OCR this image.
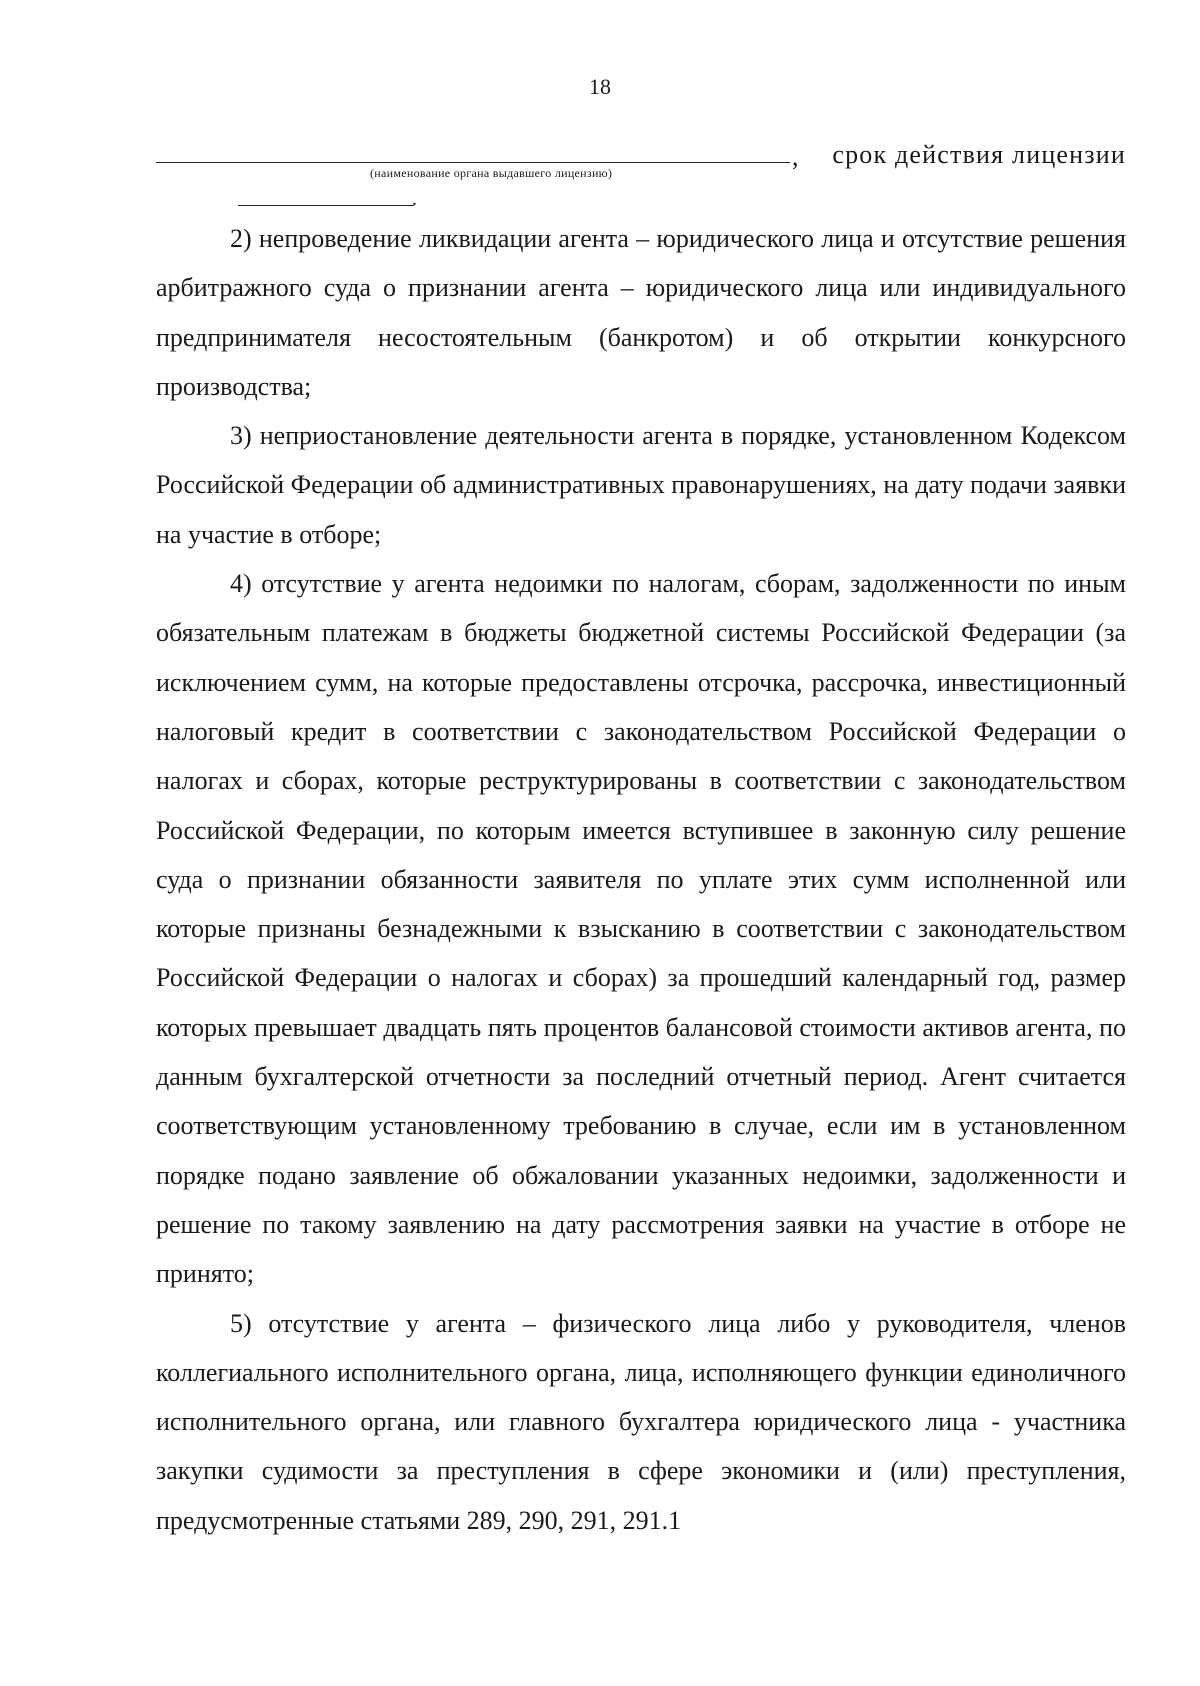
18
, срок действия лицензии
(наименование органа выдавшего лицензию)
.

2) непроведение ликвидации агента – юридического лица и отсутствие решения арбитражного суда о признании агента – юридического лица или индивидуального предпринимателя несостоятельным (банкротом) и об открытии конкурсного производства;

3) неприостановление деятельности агента в порядке, установленном Кодексом Российской Федерации об административных правонарушениях, на дату подачи заявки на участие в отборе;

4) отсутствие у агента недоимки по налогам, сборам, задолженности по иным обязательным платежам в бюджеты бюджетной системы Российской Федерации (за исключением сумм, на которые предоставлены отсрочка, рассрочка, инвестиционный налоговый кредит в соответствии с законодательством Российской Федерации о налогах и сборах, которые реструктурированы в соответствии с законодательством Российской Федерации, по которым имеется вступившее в законную силу решение суда о признании обязанности заявителя по уплате этих сумм исполненной или которые признаны безнадежными к взысканию в соответствии с законодательством Российской Федерации о налогах и сборах) за прошедший календарный год, размер которых превышает двадцать пять процентов балансовой стоимости активов агента, по данным бухгалтерской отчетности за последний отчетный период. Агент считается соответствующим установленному требованию в случае, если им в установленном порядке подано заявление об обжаловании указанных недоимки, задолженности и решение по такому заявлению на дату рассмотрения заявки на участие в отборе не принято;

5) отсутствие у агента – физического лица либо у руководителя, членов коллегиального исполнительного органа, лица, исполняющего функции единоличного исполнительного органа, или главного бухгалтера юридического лица - участника закупки судимости за преступления в сфере экономики и (или) преступления, предусмотренные статьями 289, 290, 291, 291.1
